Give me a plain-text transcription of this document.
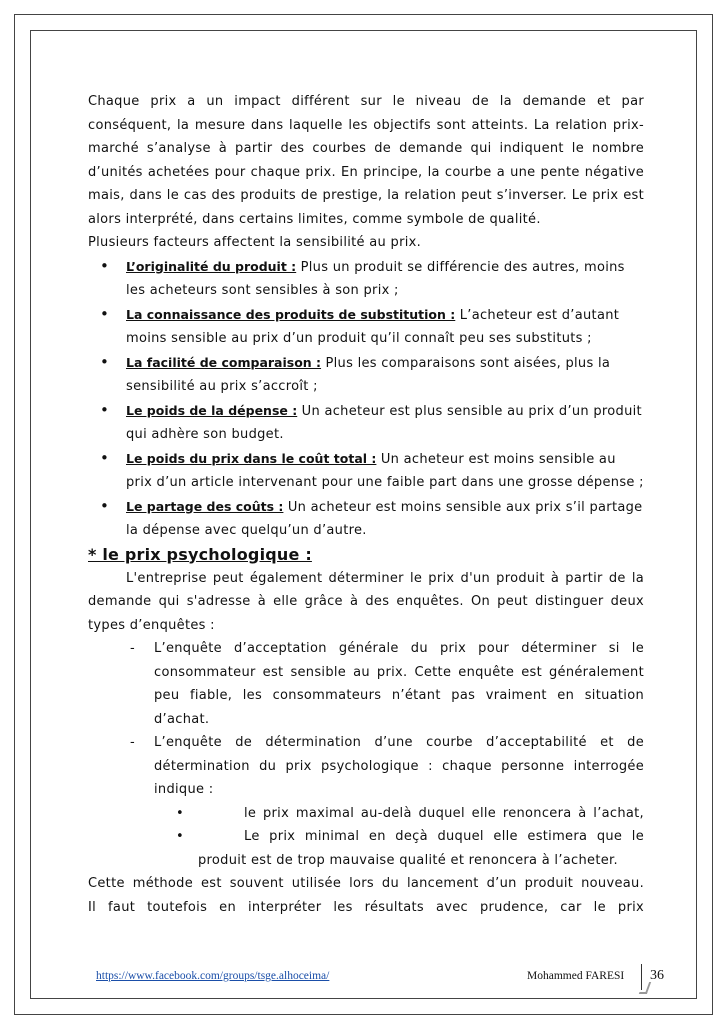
Chaque prix a un impact différent sur le niveau de la demande et par conséquent, la mesure dans laquelle les objectifs sont atteints. La relation prix- marché s’analyse à partir des courbes de demande qui indiquent le nombre d’unités achetées pour chaque prix. En principe, la courbe a une pente négative mais, dans le cas des produits de prestige, la relation peut s’inverser. Le prix est alors interprété, dans certains limites, comme symbole de qualité.

Plusieurs facteurs affectent la sensibilité au prix.

• L’originalité du produit : Plus un produit se différencie des autres, moins les acheteurs sont sensibles à son prix ;
• La connaissance des produits de substitution : L’acheteur est d’autant moins sensible au prix d’un produit qu’il connaît peu ses substituts ;
• La facilité de comparaison : Plus les comparaisons sont aisées, plus la sensibilité au prix s’accroît ;
• Le poids de la dépense : Un acheteur est plus sensible au prix d’un produit qui adhère son budget.
• Le poids du prix dans le coût total : Un acheteur est moins sensible au prix d’un article intervenant pour une faible part dans une grosse dépense ;
• Le partage des coûts : Un acheteur est moins sensible aux prix s’il partage la dépense avec quelqu’un d’autre.
* le prix psychologique :

L'entreprise peut également déterminer le prix d'un produit à partir de la demande qui s'adresse à elle grâce à des enquêtes. On peut distinguer deux types d’enquêtes :

- L’enquête d’acceptation générale du prix pour déterminer si le consommateur est sensible au prix. Cette enquête est généralement peu fiable, les consommateurs n’étant pas vraiment en situation d’achat.
- L’enquête de détermination d’une courbe d’acceptabilité et de détermination du prix psychologique : chaque personne interrogée indique :
•	le prix maximal au-delà duquel elle renoncera à l’achat,
•	Le prix minimal en deçà duquel elle estimera que le

produit est de trop mauvaise qualité et renoncera à l’acheter.

Cette méthode est souvent utilisée lors du lancement d’un produit nouveau.

Il faut toutefois en interpréter les résultats avec prudence, car le prix

https://www.facebook.com/groups/tsge.alhoceima/	Mohammed FARESI 36
